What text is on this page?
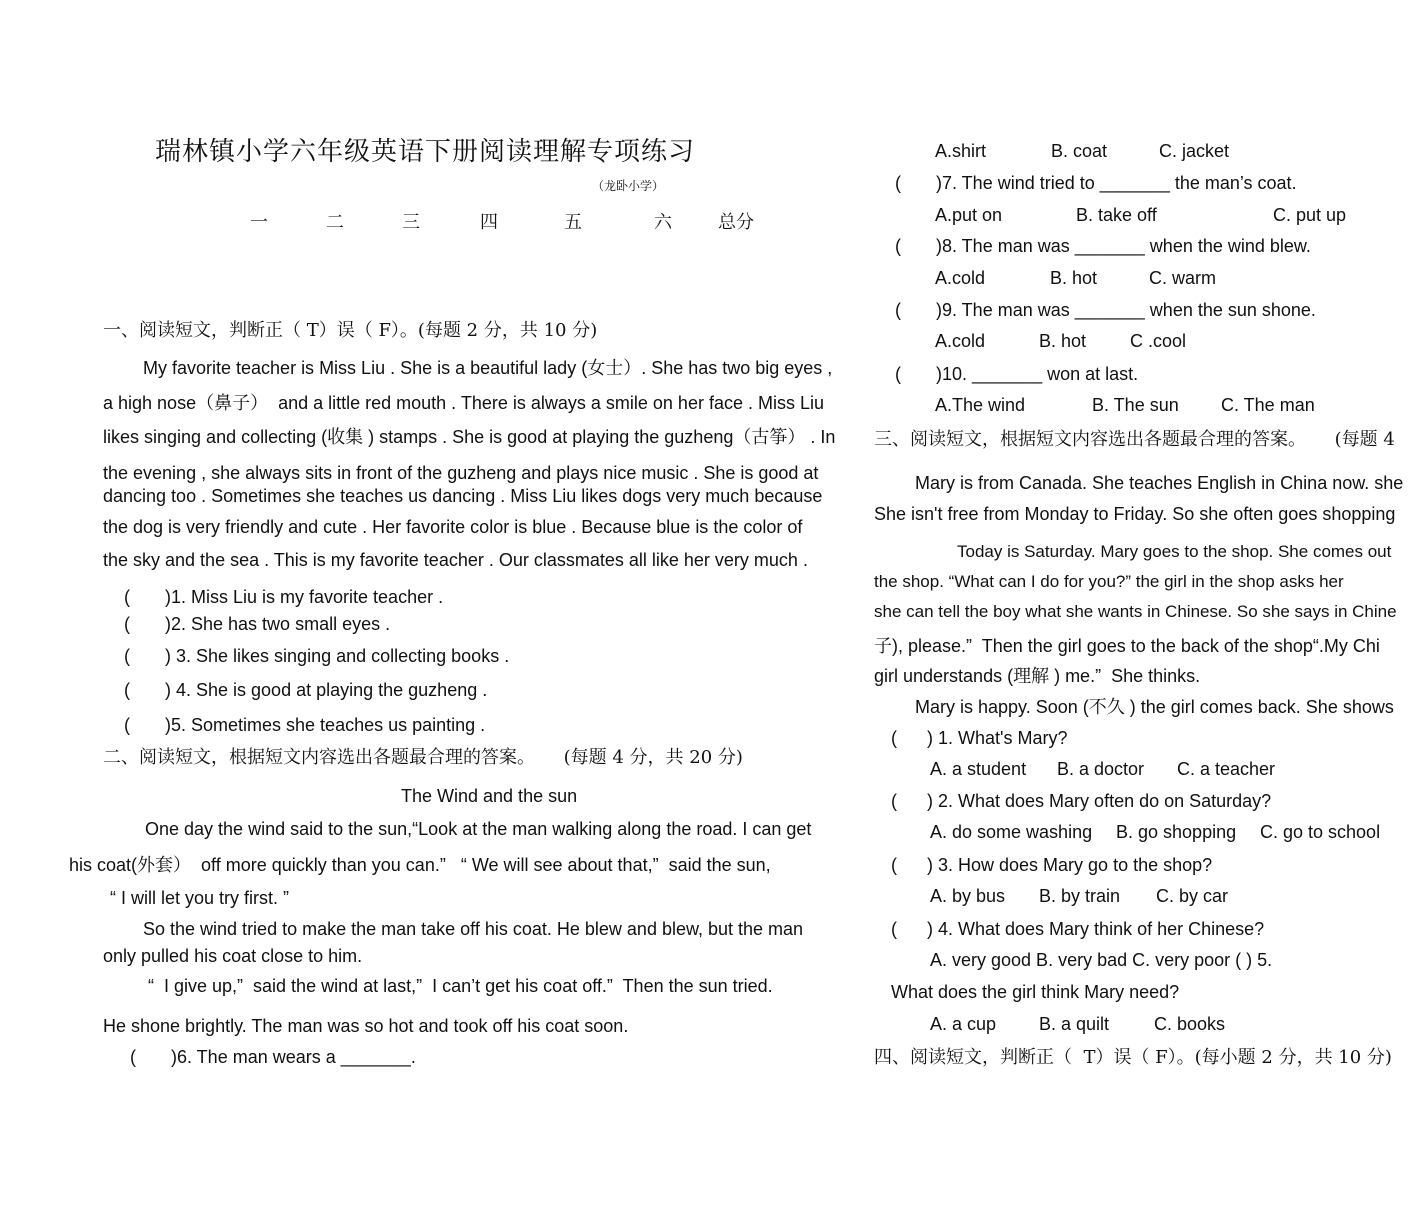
瑞林镇小学六年级英语下册阅读理解专项练习
（龙卧小学）
一	二	三	四	五	六	总分
一、阅读短文，判断正（ T）误（ F）。(每题 2 分，共 10 分)
My favorite teacher is Miss Liu . She is a beautiful lady (女士）. She has two big eyes ,
a high nose（鼻子）  and a little red mouth . There is always a smile on her face . Miss Liu
likes singing and collecting (收集 ) stamps . She is good at playing the guzheng（古筝） . In
the evening , she always sits in front of the guzheng and plays nice music . She is good at
dancing too . Sometimes she teaches us dancing . Miss Liu likes dogs very much because
the dog is very friendly and cute . Her favorite color is blue . Because blue is the color of
the sky and the sea . This is my favorite teacher . Our classmates all like her very much .
(       )1. Miss Liu is my favorite teacher .
(       )2. She has two small eyes .
(       ) 3. She likes singing and collecting books .
(       ) 4. She is good at playing the guzheng .
(       )5. Sometimes she teaches us painting .
二、阅读短文，根据短文内容选出各题最合理的答案。     (每题 4 分，共 20 分)
The Wind and the sun
One day the wind said to the sun,“Look at the man walking along the road. I can get
his coat(外套）  off more quickly than you can.”   “ We will see about that,”  said the sun,
“ I will let you try first. ”
So the wind tried to make the man take off his coat. He blew and blew, but the man
only pulled his coat close to him.
“  I give up,”  said the wind at last,”  I can’t get his coat off.”  Then the sun tried.
He shone brightly. The man was so hot and took off his coat soon.
(       )6. The man wears a _______.
A.shirt	B. coat	C. jacket
(       )7. The wind tried to _______ the man’s coat.
A.put on	B. take off	C. put up
(       )8. The man was _______ when the wind blew.
A.cold	B. hot	C. warm
(       )9. The man was _______ when the sun shone.
A.cold	B. hot C .cool
(       )10. _______ won at last.
A.The wind	B. The sun C. The man
三、阅读短文，根据短文内容选出各题最合理的答案。     (每题 4
Mary is from Canada. She teaches English in China now. she
She isn't free from Monday to Friday. So she often goes shopping
Today is Saturday. Mary goes to the shop. She comes out
the shop. “What can I do for you?” the girl in the shop asks her
she can tell the boy what she wants in Chinese. So she says in Chine
子), please.”  Then the girl goes to the back of the shop“.My Chi
girl understands (理解 ) me.”  She thinks.
Mary is happy. Soon (不久 ) the girl comes back. She shows
(      ) 1. What's Mary?
A. a student B. a doctor C. a teacher
(      ) 2. What does Mary often do on Saturday?
A. do some washing B. go shopping C. go to school
(      ) 3. How does Mary go to the shop?
A. by bus B. by train C. by car
(      ) 4. What does Mary think of her Chinese?
A. very good B. very bad C. very poor ( ) 5.
What does the girl think Mary need?
A. a cup B. a quilt C. books
四、阅读短文，判断正（  T）误（ F）。(每小题 2 分，共 10 分)
